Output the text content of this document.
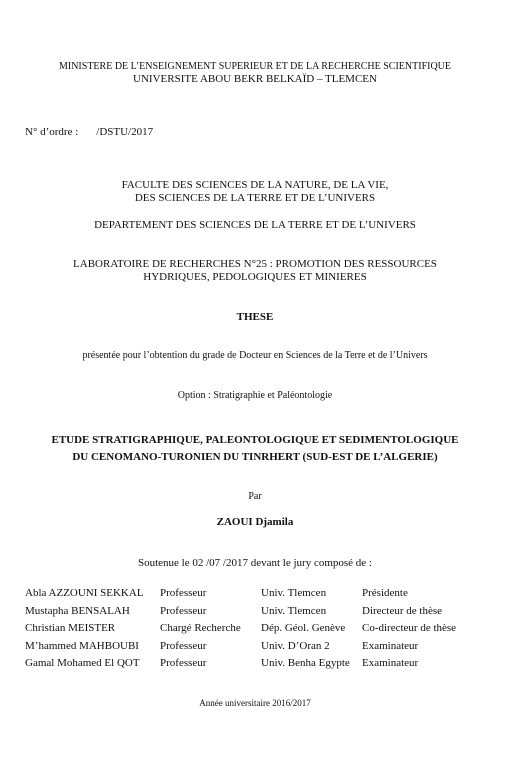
MINISTERE DE L’ENSEIGNEMENT SUPERIEUR ET DE LA RECHERCHE SCIENTIFIQUE
UNIVERSITE ABOU BEKR BELKAÏD – TLEMCEN
N° d’ordre : /DSTU/2017
FACULTE DES SCIENCES DE LA NATURE, DE LA VIE,
DES SCIENCES DE LA TERRE ET DE L’UNIVERS
DEPARTEMENT DES SCIENCES DE LA TERRE ET DE L’UNIVERS
LABORATOIRE DE RECHERCHES N°25 : PROMOTION DES RESSOURCES
HYDRIQUES, PEDOLOGIQUES ET MINIERES
THESE
présentée pour l’obtention du grade de Docteur en Sciences de la Terre et de l’Univers
Option : Stratigraphie et Paléontologie
ETUDE STRATIGRAPHIQUE, PALEONTOLOGIQUE ET SEDIMENTOLOGIQUE
DU CENOMANO-TURONIEN DU TINRHERT (SUD-EST DE L’ALGERIE)
Par
ZAOUI Djamila
Soutenue le 02 /07 /2017 devant le jury composé de :
Abla AZZOUNI SEKKAL	Professeur	Univ. Tlemcen	Présidente
Mustapha BENSALAH	Professeur	Univ. Tlemcen	Directeur de thèse
Christian MEISTER	Chargé Recherche	Dép. Géol. Genève	Co-directeur de thèse
M’hammed MAHBOUBI	Professeur	Univ. D’Oran 2	Examinateur
Gamal Mohamed El QOT	Professeur	Univ. Benha Egypte	Examinateur
Année universitaire 2016/2017
